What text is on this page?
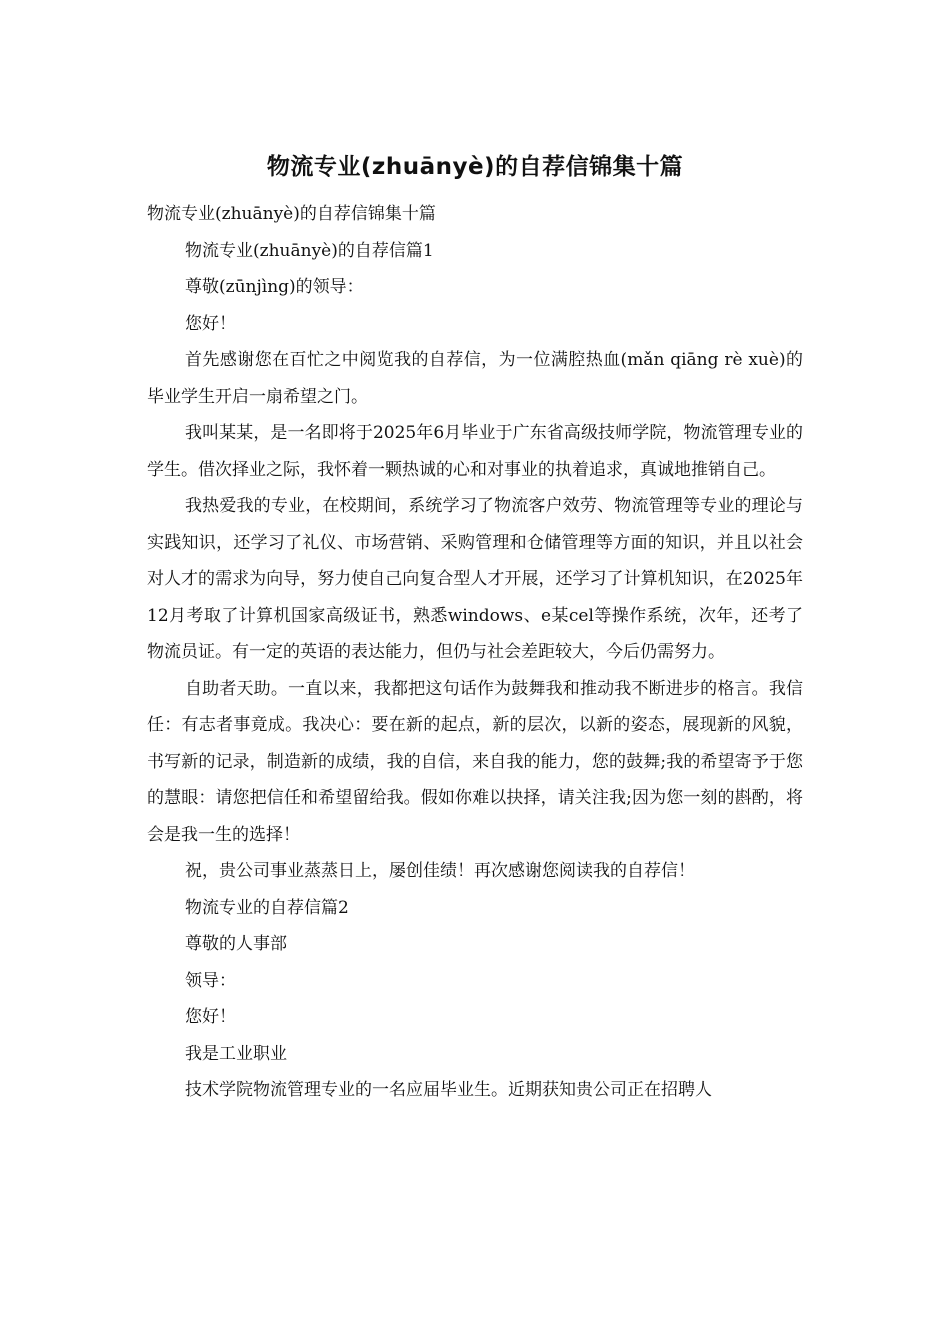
物流专业(zhuānyè)的自荐信锦集十篇

物流专业(zhuānyè)的自荐信锦集十篇

物流专业(zhuānyè)的自荐信篇1

尊敬(zūnjìng)的领导：

您好！

首先感谢您在百忙之中阅览我的自荐信，为一位满腔热血(mǎn qiāng rè xuè)的毕业学生开启一扇希望之门。

我叫某某，是一名即将于2025年6月毕业于广东省高级技师学院，物流管理专业的学生。借次择业之际，我怀着一颗热诚的心和对事业的执着追求，真诚地推销自己。

我热爱我的专业，在校期间，系统学习了物流客户效劳、物流管理等专业的理论与实践知识，还学习了礼仪、市场营销、采购管理和仓储管理等方面的知识，并且以社会对人才的需求为向导，努力使自己向复合型人才开展，还学习了计算机知识，在2025年12月考取了计算机国家高级证书，熟悉windows、e某cel等操作系统，次年，还考了物流员证。有一定的英语的表达能力，但仍与社会差距较大，今后仍需努力。

自助者天助。一直以来，我都把这句话作为鼓舞我和推动我不断进步的格言。我信任：有志者事竟成。我决心：要在新的起点，新的层次，以新的姿态，展现新的风貌，书写新的记录，制造新的成绩，我的自信，来自我的能力，您的鼓舞;我的希望寄予于您的慧眼：请您把信任和希望留给我。假如你难以抉择，请关注我;因为您一刻的斟酌，将会是我一生的选择！

祝，贵公司事业蒸蒸日上，屡创佳绩！再次感谢您阅读我的自荐信！

物流专业的自荐信篇2

尊敬的人事部

领导：

您好！

我是工业职业

技术学院物流管理专业的一名应届毕业生。近期获知贵公司正在招聘人
